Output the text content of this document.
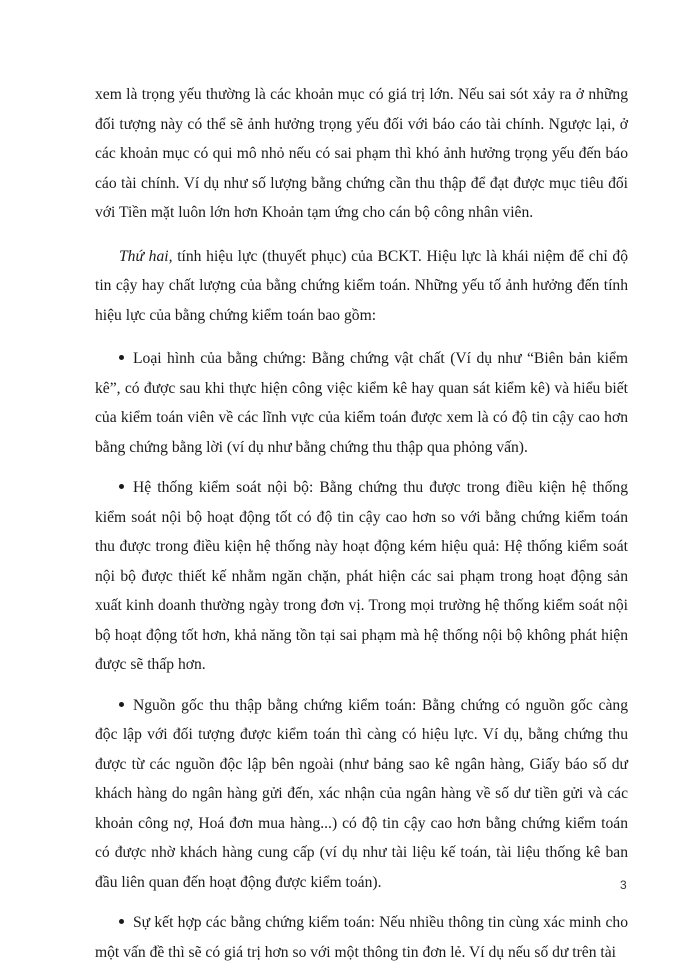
xem là trọng yếu thường là các khoản mục có giá trị lớn. Nếu sai sót xảy ra ở những đối tượng này có thể sẽ ảnh hưởng trọng yếu đối với báo cáo tài chính. Ngược lại, ở các khoản mục có qui mô nhỏ nếu có sai phạm thì khó ảnh hưởng trọng yếu đến báo cáo tài chính. Ví dụ như số lượng bằng chứng cần thu thập để đạt được mục tiêu đối với Tiền mặt luôn lớn hơn Khoản tạm ứng cho cán bộ công nhân viên.

Thứ hai, tính hiệu lực (thuyết phục) của BCKT. Hiệu lực là khái niệm để chỉ độ tin cậy hay chất lượng của bằng chứng kiểm toán. Những yếu tố ảnh hưởng đến tính hiệu lực của bằng chứng kiểm toán bao gồm:

Loại hình của bằng chứng: Bằng chứng vật chất (Ví dụ như “Biên bản kiểm kê”, có được sau khi thực hiện công việc kiểm kê hay quan sát kiểm kê) và hiểu biết của kiểm toán viên về các lĩnh vực của kiểm toán được xem là có độ tin cậy cao hơn bằng chứng bằng lời (ví dụ như bằng chứng thu thập qua phỏng vấn).

Hệ thống kiểm soát nội bộ: Bằng chứng thu được trong điều kiện hệ thống kiểm soát nội bộ hoạt động tốt có độ tin cậy cao hơn so với bằng chứng kiểm toán thu được trong điều kiện hệ thống này hoạt động kém hiệu quả: Hệ thống kiểm soát nội bộ được thiết kế nhằm ngăn chặn, phát hiện các sai phạm trong hoạt động sản xuất kinh doanh thường ngày trong đơn vị. Trong mọi trường hệ thống kiểm soát nội bộ hoạt động tốt hơn, khả năng tồn tại sai phạm mà hệ thống nội bộ không phát hiện được sẽ thấp hơn.

Nguồn gốc thu thập bằng chứng kiểm toán: Bằng chứng có nguồn gốc càng độc lập với đối tượng được kiểm toán thì càng có hiệu lực. Ví dụ, bằng chứng thu được từ các nguồn độc lập bên ngoài (như bảng sao kê ngân hàng, Giấy báo số dư khách hàng do ngân hàng gửi đến, xác nhận của ngân hàng về số dư tiền gửi và các khoản công nợ, Hoá đơn mua hàng...) có độ tin cậy cao hơn bằng chứng kiểm toán có được nhờ khách hàng cung cấp (ví dụ như tài liệu kế toán, tài liệu thống kê ban đầu liên quan đến hoạt động được kiểm toán).

Sự kết hợp các bằng chứng kiểm toán: Nếu nhiều thông tin cùng xác minh cho một vấn đề thì sẽ có giá trị hơn so với một thông tin đơn lẻ. Ví dụ nếu số dư trên tài

3
